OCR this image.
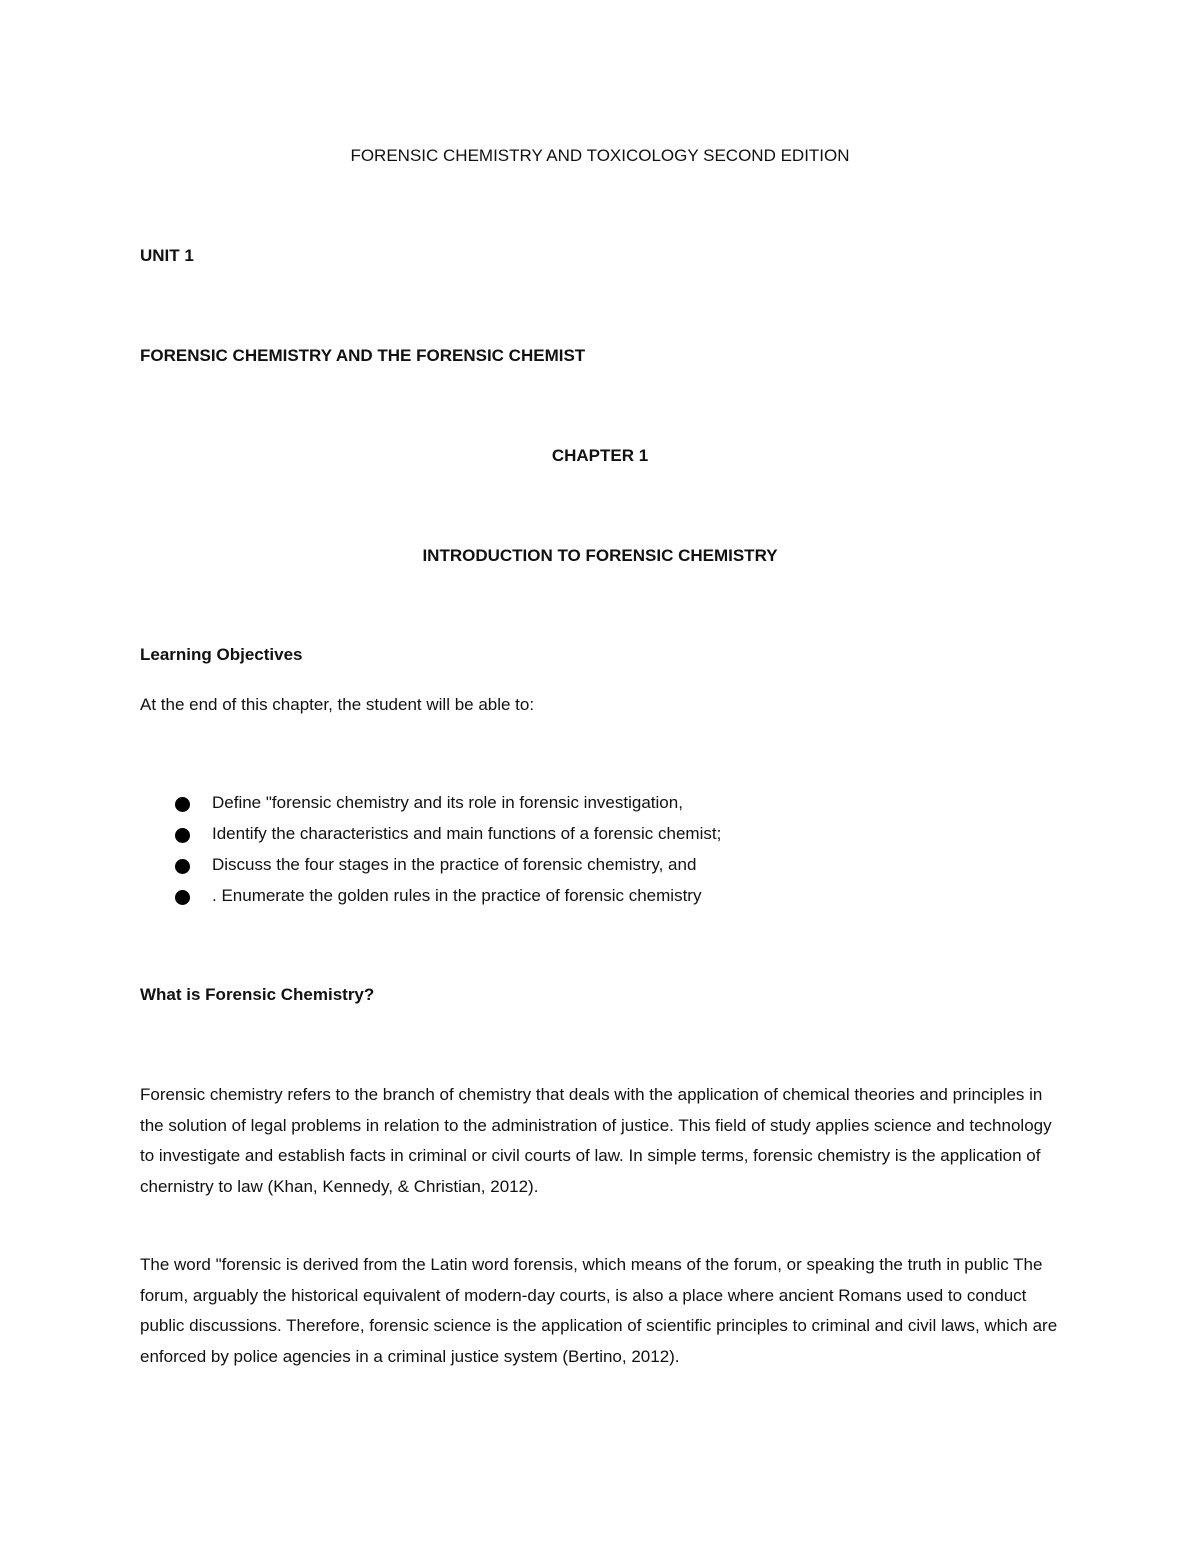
FORENSIC CHEMISTRY AND TOXICOLOGY SECOND EDITION

UNIT 1

FORENSIC CHEMISTRY AND THE FORENSIC CHEMIST

CHAPTER 1

INTRODUCTION TO FORENSIC CHEMISTRY

Learning Objectives

At the end of this chapter, the student will be able to:

Define "forensic chemistry and its role in forensic investigation,
Identify the characteristics and main functions of a forensic chemist;
Discuss the four stages in the practice of forensic chemistry, and
. Enumerate the golden rules in the practice of forensic chemistry

What is Forensic Chemistry?

Forensic chemistry refers to the branch of chemistry that deals with the application of chemical theories and principles in the solution of legal problems in relation to the administration of justice. This field of study applies science and technology to investigate and establish facts in criminal or civil courts of law. In simple terms, forensic chemistry is the application of chernistry to law (Khan, Kennedy, & Christian, 2012).

The word "forensic is derived from the Latin word forensis, which means of the forum, or speaking the truth in public The forum, arguably the historical equivalent of modern-day courts, is also a place where ancient Romans used to conduct public discussions. Therefore, forensic science is the application of scientific principles to criminal and civil laws, which are enforced by police agencies in a criminal justice system (Bertino, 2012).
